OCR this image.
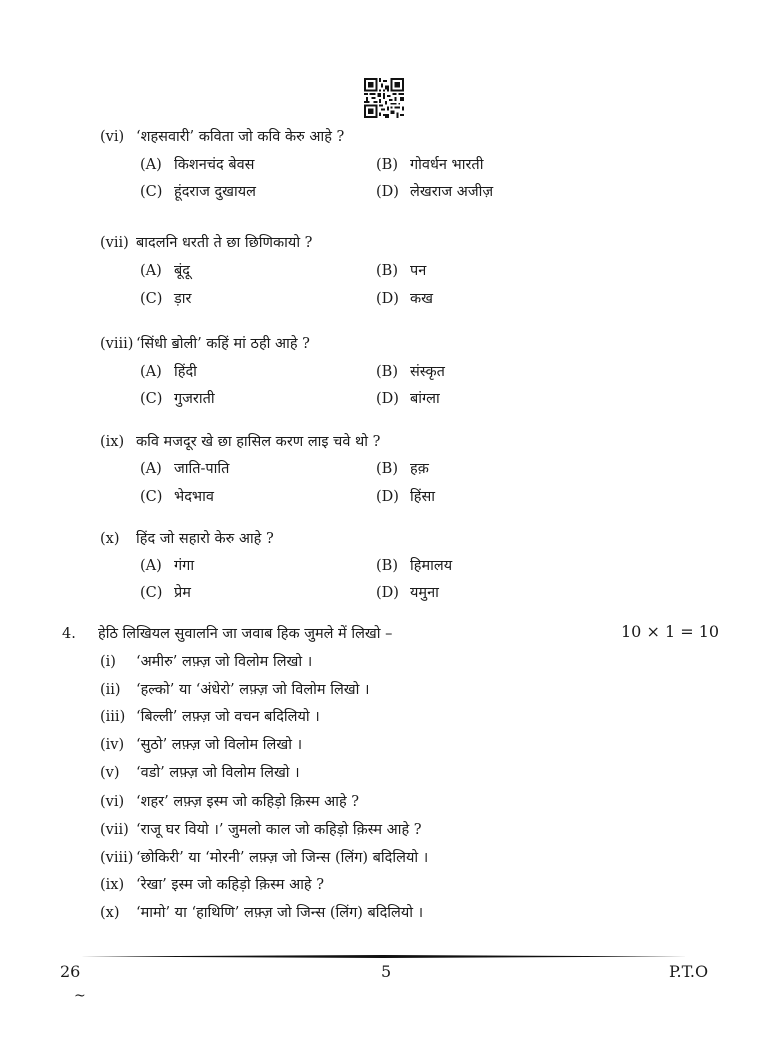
(vi) ‘शहसवारी’ कविता जो कवि केरु आहे ?
(A) किशनचंद बेवस	(B) गोवर्धन भारती
(C) हूंदराज दुखायल	(D) लेखराज अजीज़
(vii) बादलनि धरती ते छा छिणिकायो ?
(A) बूंदू	(B) पन
(C) ड़ार	(D) कख
(viii) ‘सिंधी ॿोली’ कहिं मां ठही आहे ?
(A) हिंदी	(B) संस्कृत
(C) गुजराती	(D) बांग्ला
(ix) कवि मजदूर खे छा हासिल करण लाइ चवे थो ?
(A) जाति-पाति	(B) हक़
(C) भेदभाव	(D) हिंसा
(x) हिंद जो सहारो केरु आहे ?
(A) गंगा	(B) हिमालय
(C) प्रेम	(D) यमुना
4. हेठि लिखियल सुवालनि जा जवाब हिक जुमले में लिखो –	10 × 1 = 10
(i) ‘अमीरु’ लफ़्ज़ जो विलोम लिखो ।
(ii) ‘हल्को’ या ‘अंधेरो’ लफ़्ज़ जो विलोम लिखो ।
(iii) ‘बिल्ली’ लफ़्ज़ जो वचन बदिलियो ।
(iv) ‘सुठो’ लफ़्ज़ जो विलोम लिखो ।
(v) ‘वडो’ लफ़्ज़ जो विलोम लिखो ।
(vi) ‘शहर’ लफ़्ज़ इस्म जो कहिड़ो क़िस्म आहे ?
(vii) ‘राजू घर वियो ।’ जुमलो काल जो कहिड़ो क़िस्म आहे ?
(viii) ‘छोकिरी’ या ‘मोरनी’ लफ़्ज़ जो जिन्स (लिंग) बदिलियो ।
(ix) ‘रेखा’ इस्म जो कहिड़ो क़िस्म आहे ?
(x) ‘मामो’ या ‘हाथिणि’ लफ़्ज़ जो जिन्स (लिंग) बदिलियो ।
26	5	P.T.O
~
